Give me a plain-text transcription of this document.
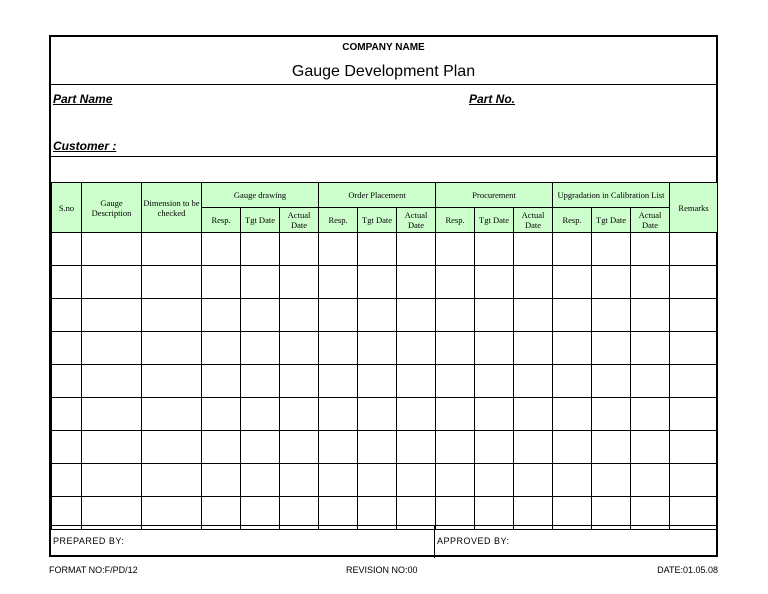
COMPANY NAME
Gauge Development Plan
Part Name	Part No.
Customer :
S.no	Gauge Description	Dimension to be checked	Gauge drawing			Order Placement			Procurement			Upgradation in Calibration List			Remarks
			Resp.	Tgt Date	Actual Date	Resp.	Tgt Date	Actual Date	Resp.	Tgt Date	Actual Date	Resp.	Tgt Date	Actual Date	

PREPARED BY:	APPROVED BY:
FORMAT NO:F/PD/12	REVISION NO:00	DATE:01.05.08
